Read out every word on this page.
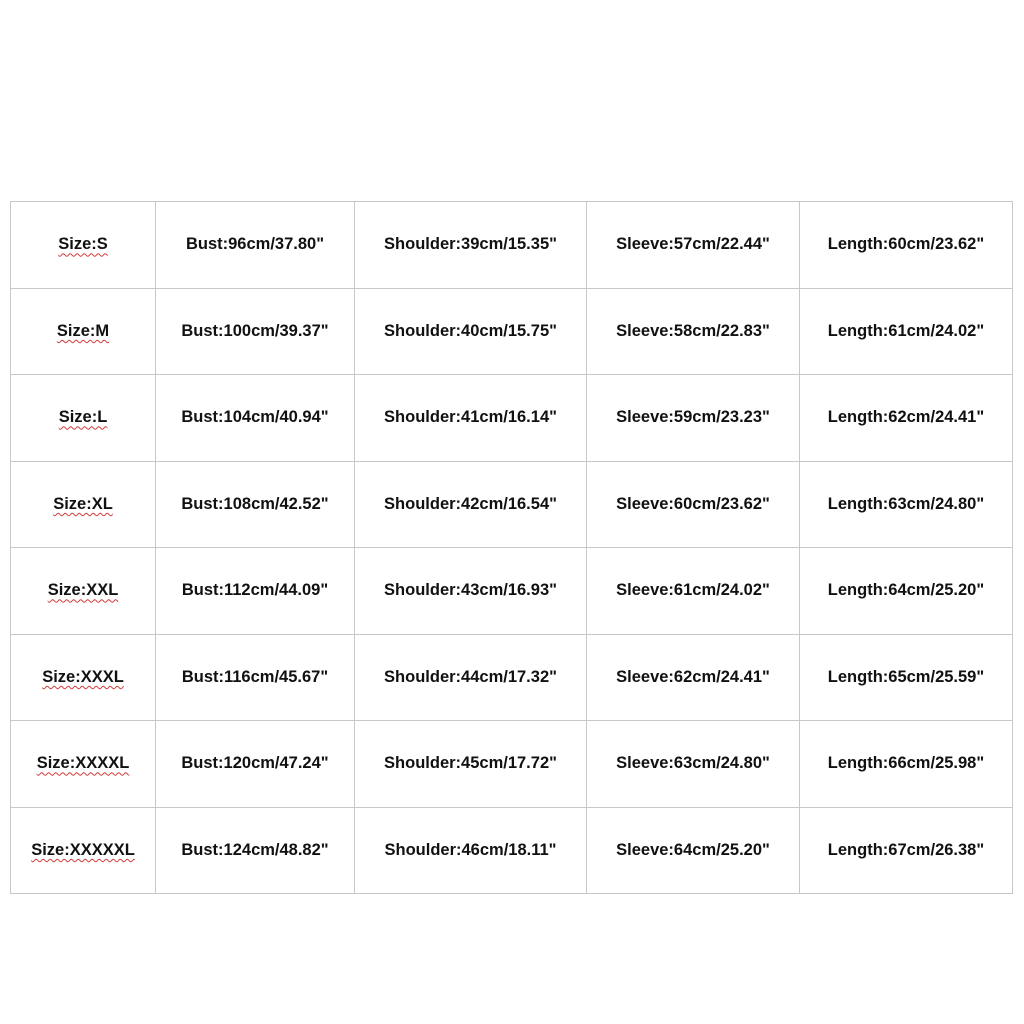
Size:S	Bust:96cm/37.80"	Shoulder:39cm/15.35"	Sleeve:57cm/22.44"	Length:60cm/23.62"
Size:M	Bust:100cm/39.37"	Shoulder:40cm/15.75"	Sleeve:58cm/22.83"	Length:61cm/24.02"
Size:L	Bust:104cm/40.94"	Shoulder:41cm/16.14"	Sleeve:59cm/23.23"	Length:62cm/24.41"
Size:XL	Bust:108cm/42.52"	Shoulder:42cm/16.54"	Sleeve:60cm/23.62"	Length:63cm/24.80"
Size:XXL	Bust:112cm/44.09"	Shoulder:43cm/16.93"	Sleeve:61cm/24.02"	Length:64cm/25.20"
Size:XXXL	Bust:116cm/45.67"	Shoulder:44cm/17.32"	Sleeve:62cm/24.41"	Length:65cm/25.59"
Size:XXXXL	Bust:120cm/47.24"	Shoulder:45cm/17.72"	Sleeve:63cm/24.80"	Length:66cm/25.98"
Size:XXXXXL	Bust:124cm/48.82"	Shoulder:46cm/18.11"	Sleeve:64cm/25.20"	Length:67cm/26.38"
